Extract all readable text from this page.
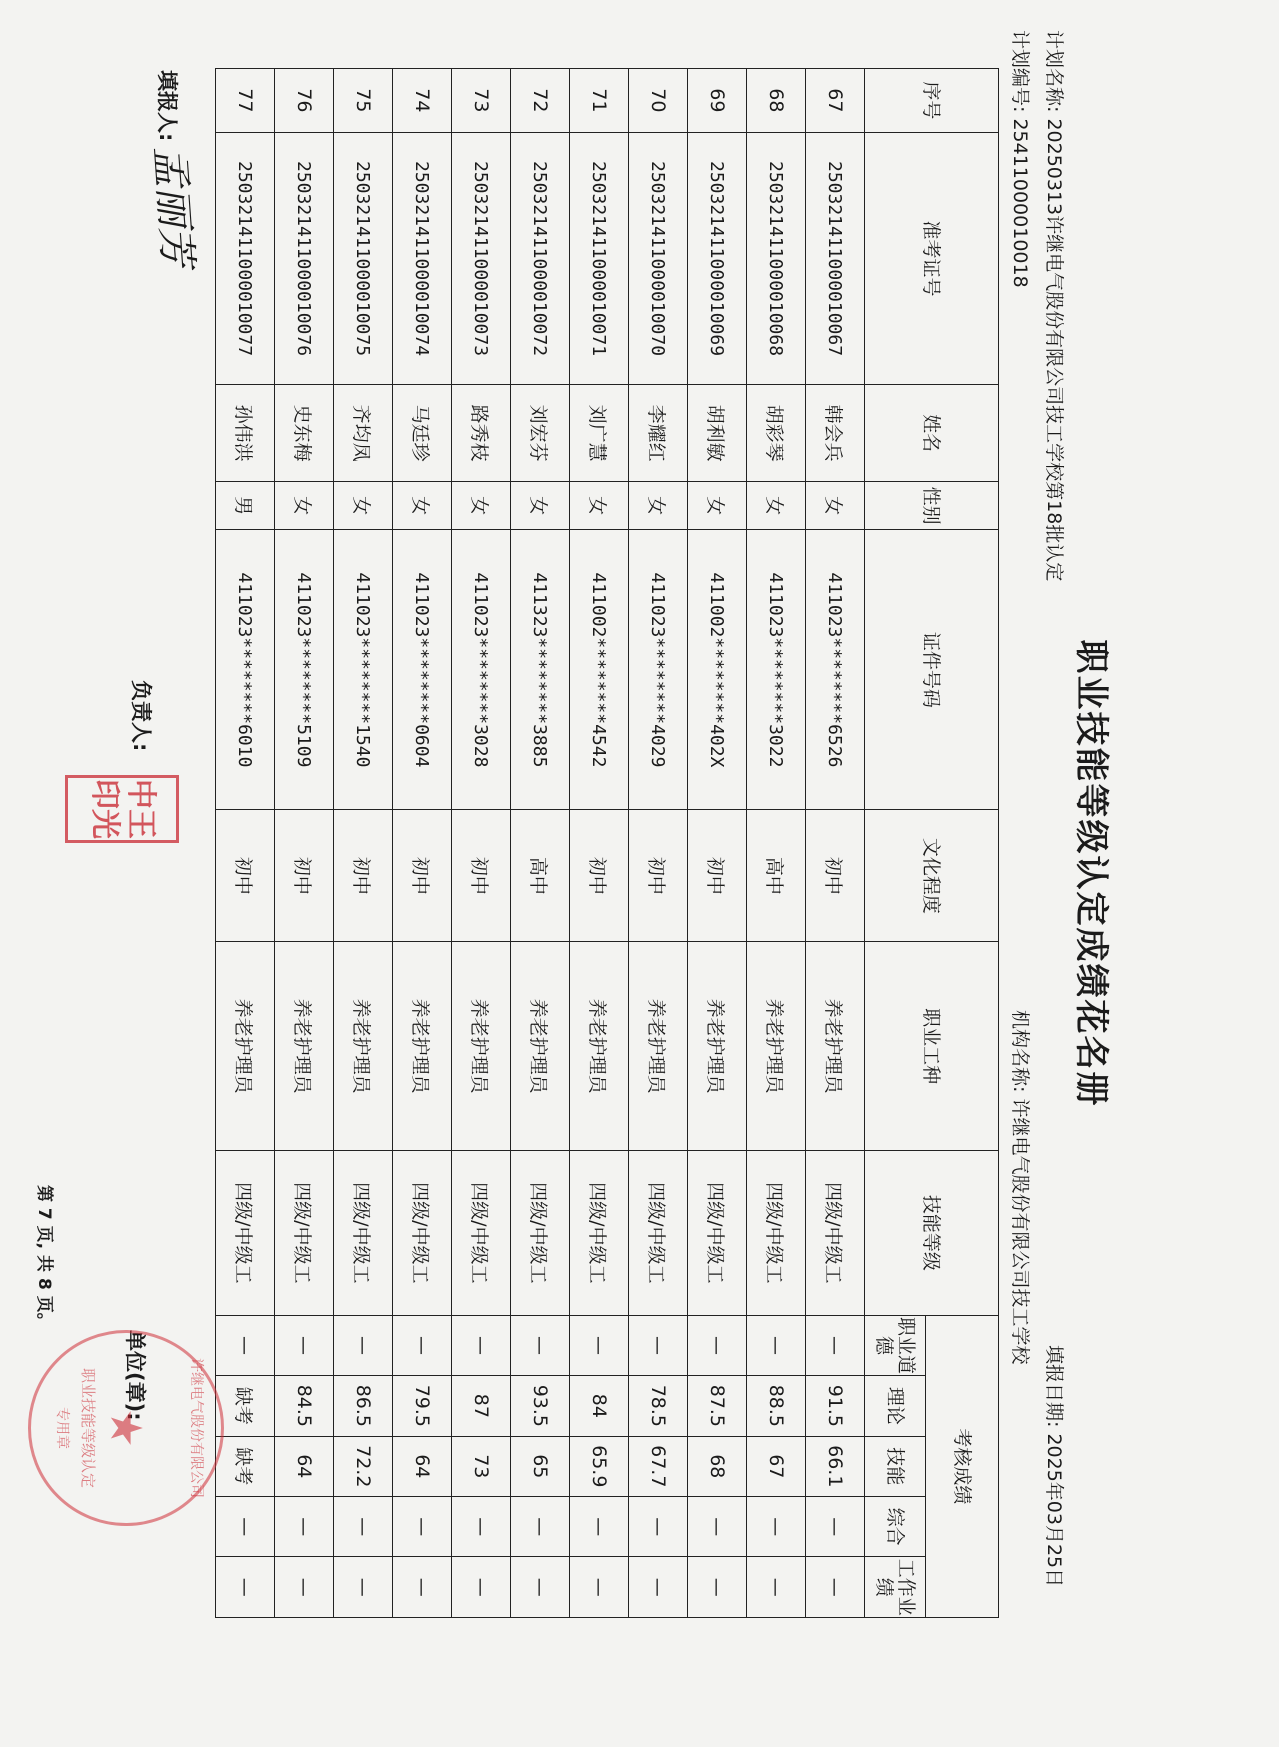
职业技能等级认定成绩花名册
计划名称: 20250313许继电气股份有限公司技工学校第18批认定
填报日期: 2025年03月25日
计划编号: 25411000010018
机构名称: 许继电气股份有限公司技工学校
序号	准考证号	姓名	性别	证件号码	文化程度	职业工种	技能等级	考核成绩				
								职业道德	理论	技能	综合	工作业绩
67	250321411000010067	韩会兵	女	411023********6526	初中	养老护理员	四级/中级工	—	91.5	66.1	—	—
68	250321411000010068	胡彩琴	女	411023********3022	高中	养老护理员	四级/中级工	—	88.5	67	—	—
69	250321411000010069	胡利敏	女	411002********402X	初中	养老护理员	四级/中级工	—	87.5	68	—	—
70	250321411000010070	李耀红	女	411023********4029	初中	养老护理员	四级/中级工	—	78.5	67.7	—	—
71	250321411000010071	刘广慧	女	411002********4542	初中	养老护理员	四级/中级工	—	84	65.9	—	—
72	250321411000010072	刘宏芬	女	411323********3885	高中	养老护理员	四级/中级工	—	93.5	65	—	—
73	250321411000010073	路秀枝	女	411023********3028	初中	养老护理员	四级/中级工	—	87	73	—	—
74	250321411000010074	马廷珍	女	411023********0604	初中	养老护理员	四级/中级工	—	79.5	64	—	—
75	250321411000010075	齐均凤	女	411023********1540	初中	养老护理员	四级/中级工	—	86.5	72.2	—	—
76	250321411000010076	史东梅	女	411023********5109	初中	养老护理员	四级/中级工	—	84.5	64	—	—
77	250321411000010077	孙伟洪	男	411023********6010	初中	养老护理员	四级/中级工	—	缺考	缺考	—	—
填报人:
孟丽芳
负责人:
单位(章):
第 7 页, 共 8 页。
中
王
印
光
许继电气股份有限公司
★
职业技能等级认定
专用章
